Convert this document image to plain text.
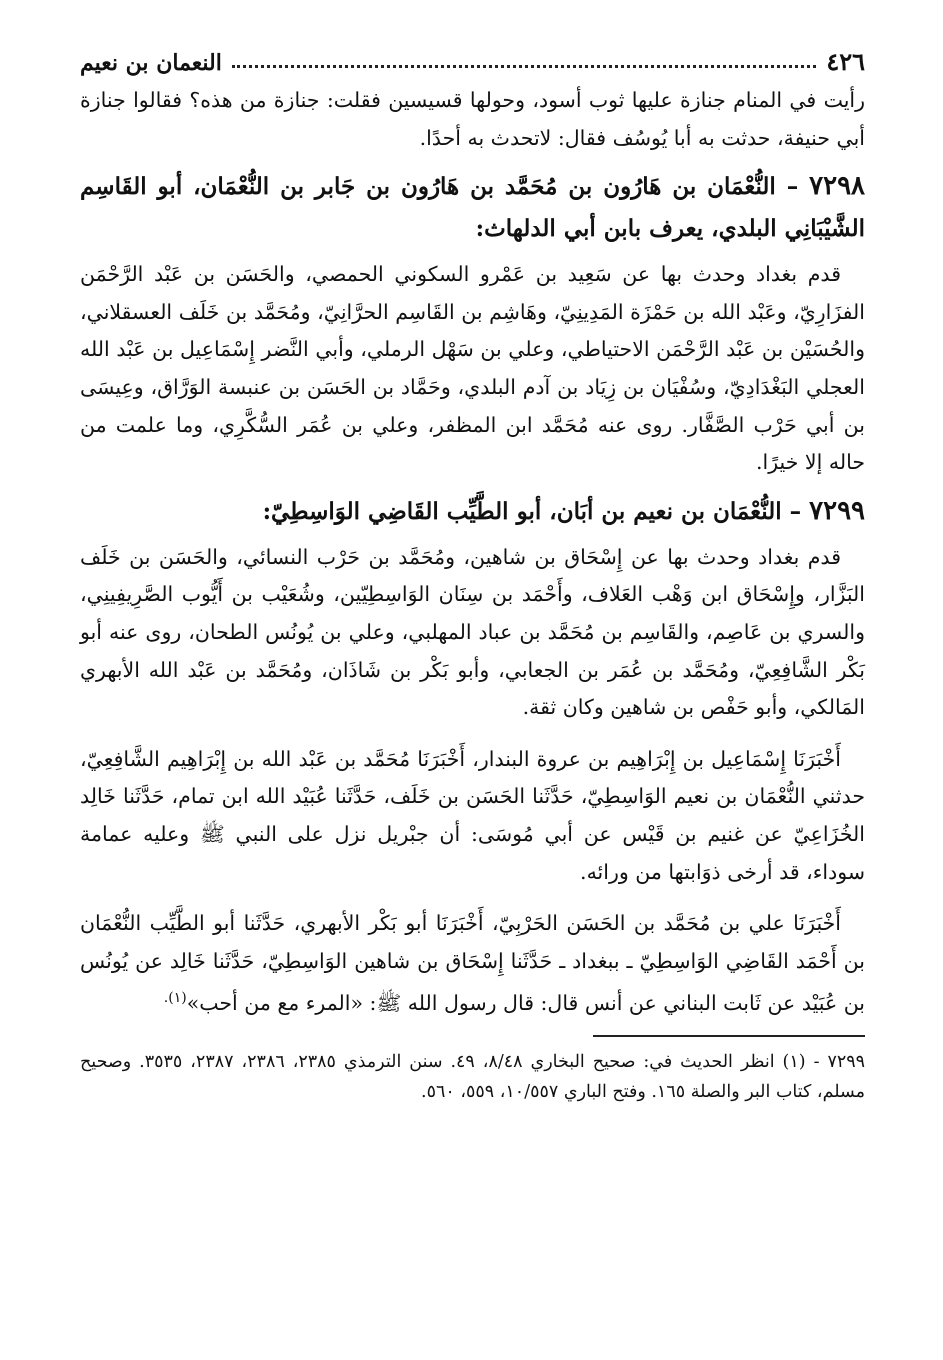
٤٢٦
النعمان بن نعيم

رأيت في المنام جنازة عليها ثوب أسود، وحولها قسيسين فقلت: جنازة من هذه؟ فقالوا جنازة أبي حنيفة، حدثت به أبا يُوسُف فقال: لاتحدث به أحدًا.

٧٢٩٨ – النُّعْمَان بن هَارُون بن مُحَمَّد بن هَارُون بن جَابر بن النُّعْمَان، أبو القَاسِم الشَّيْبَانِي البلدي، يعرف بابن أبي الدلهاث:

قدم بغداد وحدث بها عن سَعِيد بن عَمْرو السكوني الحمصي، والحَسَن بن عَبْد الرَّحْمَن الفزَارِيّ، وعَبْد الله بن حَمْزَة المَدِينِيّ، وهَاشِم بن القَاسِم الحرَّانِيّ، ومُحَمَّد بن خَلَف العسقلاني، والحُسَيْن بن عَبْد الرَّحْمَن الاحتياطي، وعلي بن سَهْل الرملي، وأبي النَّضر إِسْمَاعِيل بن عَبْد الله العجلي البَغْدَادِيّ، وسُفْيَان بن زِيَاد بن آدم البلدي، وحَمَّاد بن الحَسَن بن عنبسة الوَرَّاق، وعِيسَى بن أبي حَرْب الصَّفَّار. روى عنه مُحَمَّد ابن المظفر، وعلي بن عُمَر السُّكَّرِي، وما علمت من حاله إلا خيرًا.

٧٢٩٩ – النُّعْمَان بن نعيم بن أبَان، أبو الطَّيِّب القَاضِي الوَاسِطِيّ:

قدم بغداد وحدث بها عن إِسْحَاق بن شاهين، ومُحَمَّد بن حَرْب النسائي، والحَسَن بن خَلَف البَزَّار، وإِسْحَاق ابن وَهْب العَلاف، وأَحْمَد بن سِنَان الوَاسِطِيّين، وشُعَيْب بن أَيُّوب الصَّرِيفِينِي، والسري بن عَاصِم، والقَاسِم بن مُحَمَّد بن عباد المهلبي، وعلي بن يُونُس الطحان، روى عنه أبو بَكْر الشَّافِعِيّ، ومُحَمَّد بن عُمَر بن الجعابي، وأبو بَكْر بن شَاذَان، ومُحَمَّد بن عَبْد الله الأبهري المَالكي، وأبو حَفْص بن شاهين وكان ثقة.

أَخْبَرَنَا إِسْمَاعِيل بن إِبْرَاهِيم بن عروة البندار، أَخْبَرَنَا مُحَمَّد بن عَبْد الله بن إِبْرَاهِيم الشَّافِعِيّ، حدثني النُّعْمَان بن نعيم الوَاسِطِيّ، حَدَّثَنا الحَسَن بن خَلَف، حَدَّثَنا عُبَيْد الله ابن تمام، حَدَّثَنا خَالِد الخُزَاعِيّ عن غنيم بن قَيْس عن أبي مُوسَى: أن جبْريل نزل على النبي ﷺ وعليه عمامة سوداء، قد أرخى ذوَابتها من ورائه.

أَخْبَرَنَا علي بن مُحَمَّد بن الحَسَن الحَرْبِيّ، أَخْبَرَنَا أبو بَكْر الأبهري، حَدَّثَنا أبو الطَّيِّب النُّعْمَان بن أَحْمَد القَاضِي الوَاسِطِيّ ـ ببغداد ـ حَدَّثَنا إِسْحَاق بن شاهين الوَاسِطِيّ، حَدَّثَنا خَالِد عن يُونُس بن عُبَيْد عن ثَابت البناني عن أنس قال: قال رسول الله ﷺ: «المرء مع من أحب»$^{(١).}$

٧٢٩٩ - (١) انظر الحديث في: صحيح البخاري ٨/٤٨، ٤٩. سنن الترمذي ٢٣٨٥، ٢٣٨٦، ٢٣٨٧، ٣٥٣٥. وصحيح مسلم، كتاب البر والصلة ١٦٥. وفتح الباري ١٠/٥٥٧، ٥٥٩، ٥٦٠.
